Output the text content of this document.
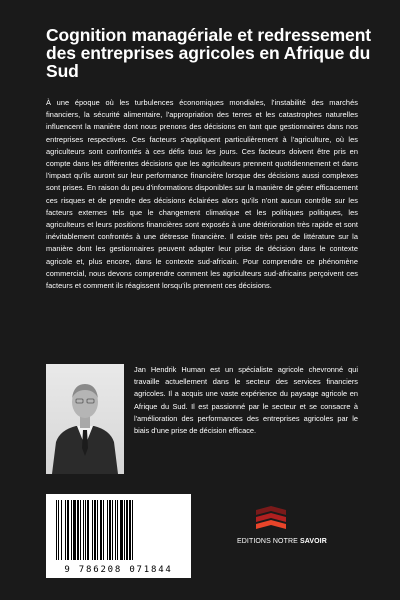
Cognition managériale et redressement des entreprises agricoles en Afrique du Sud
À une époque où les turbulences économiques mondiales, l'instabilité des marchés financiers, la sécurité alimentaire, l'appropriation des terres et les catastrophes naturelles influencent la manière dont nous prenons des décisions en tant que gestionnaires dans nos entreprises respectives. Ces facteurs s'appliquent particulièrement à l'agriculture, où les agriculteurs sont confrontés à ces défis tous les jours. Ces facteurs doivent être pris en compte dans les différentes décisions que les agriculteurs prennent quotidiennement et dans l'impact qu'ils auront sur leur performance financière lorsque des décisions aussi complexes sont prises. En raison du peu d'informations disponibles sur la manière de gérer efficacement ces risques et de prendre des décisions éclairées alors qu'ils n'ont aucun contrôle sur les facteurs externes tels que le changement climatique et les politiques politiques, les agriculteurs et leurs positions financières sont exposés à une détérioration très rapide et sont inévitablement confrontés à une détresse financière. Il existe très peu de littérature sur la manière dont les gestionnaires peuvent adapter leur prise de décision dans le contexte agricole et, plus encore, dans le contexte sud-africain. Pour comprendre ce phénomène commercial, nous devons comprendre comment les agriculteurs sud-africains perçoivent ces facteurs et comment ils réagissent lorsqu'ils prennent ces décisions.
Jan Hendrik Human est un spécialiste agricole chevronné qui travaille actuellement dans le secteur des services financiers agricoles. Il a acquis une vaste expérience du paysage agricole en Afrique du Sud. Il est passionné par le secteur et se consacre à l'amélioration des performances des entreprises agricoles par le biais d'une prise de décision efficace.
9 786208 071844
EDITIONS NOTRE SAVOIR
